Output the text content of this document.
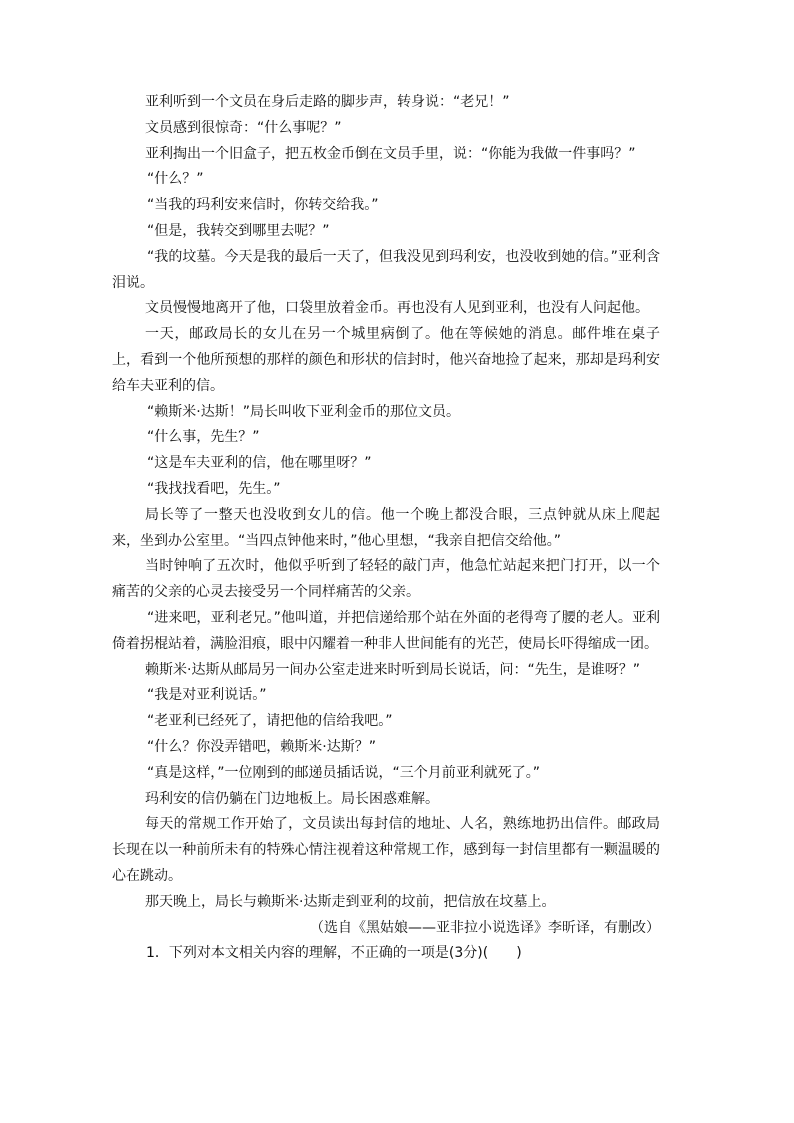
亚利听到一个文员在身后走路的脚步声，转身说：“老兄！”

文员感到很惊奇：“什么事呢？”

亚利掏出一个旧盒子，把五枚金币倒在文员手里，说：“你能为我做一件事吗？”

“什么？”

“当我的玛利安来信时，你转交给我。”

“但是，我转交到哪里去呢？”

“我的坟墓。今天是我的最后一天了，但我没见到玛利安，也没收到她的信。”亚利含泪说。

文员慢慢地离开了他，口袋里放着金币。再也没有人见到亚利，也没有人问起他。

一天，邮政局长的女儿在另一个城里病倒了。他在等候她的消息。邮件堆在桌子上，看到一个他所预想的那样的颜色和形状的信封时，他兴奋地捡了起来，那却是玛利安给车夫亚利的信。

“赖斯米·达斯！”局长叫收下亚利金币的那位文员。

“什么事，先生？”

“这是车夫亚利的信，他在哪里呀？”

“我找找看吧，先生。”

局长等了一整天也没收到女儿的信。他一个晚上都没合眼，三点钟就从床上爬起来，坐到办公室里。“当四点钟他来时，”他心里想，“我亲自把信交给他。”

当时钟响了五次时，他似乎听到了轻轻的敲门声，他急忙站起来把门打开，以一个痛苦的父亲的心灵去接受另一个同样痛苦的父亲。

“进来吧，亚利老兄。”他叫道，并把信递给那个站在外面的老得弯了腰的老人。亚利倚着拐棍站着，满脸泪痕，眼中闪耀着一种非人世间能有的光芒，使局长吓得缩成一团。

赖斯米·达斯从邮局另一间办公室走进来时听到局长说话，问：“先生，是谁呀？”

“我是对亚利说话。”

“老亚利已经死了，请把他的信给我吧。”

“什么？你没弄错吧，赖斯米·达斯？”

“真是这样，”一位刚到的邮递员插话说，“三个月前亚利就死了。”

玛利安的信仍躺在门边地板上。局长困惑难解。

每天的常规工作开始了，文员读出每封信的地址、人名，熟练地扔出信件。邮政局长现在以一种前所未有的特殊心情注视着这种常规工作，感到每一封信里都有一颗温暖的心在跳动。

那天晚上，局长与赖斯米·达斯走到亚利的坟前，把信放在坟墓上。

（选自《黑姑娘——亚非拉小说选译》李昕译，有删改）

1．下列对本文相关内容的理解，不正确的一项是(3分)(　　)
